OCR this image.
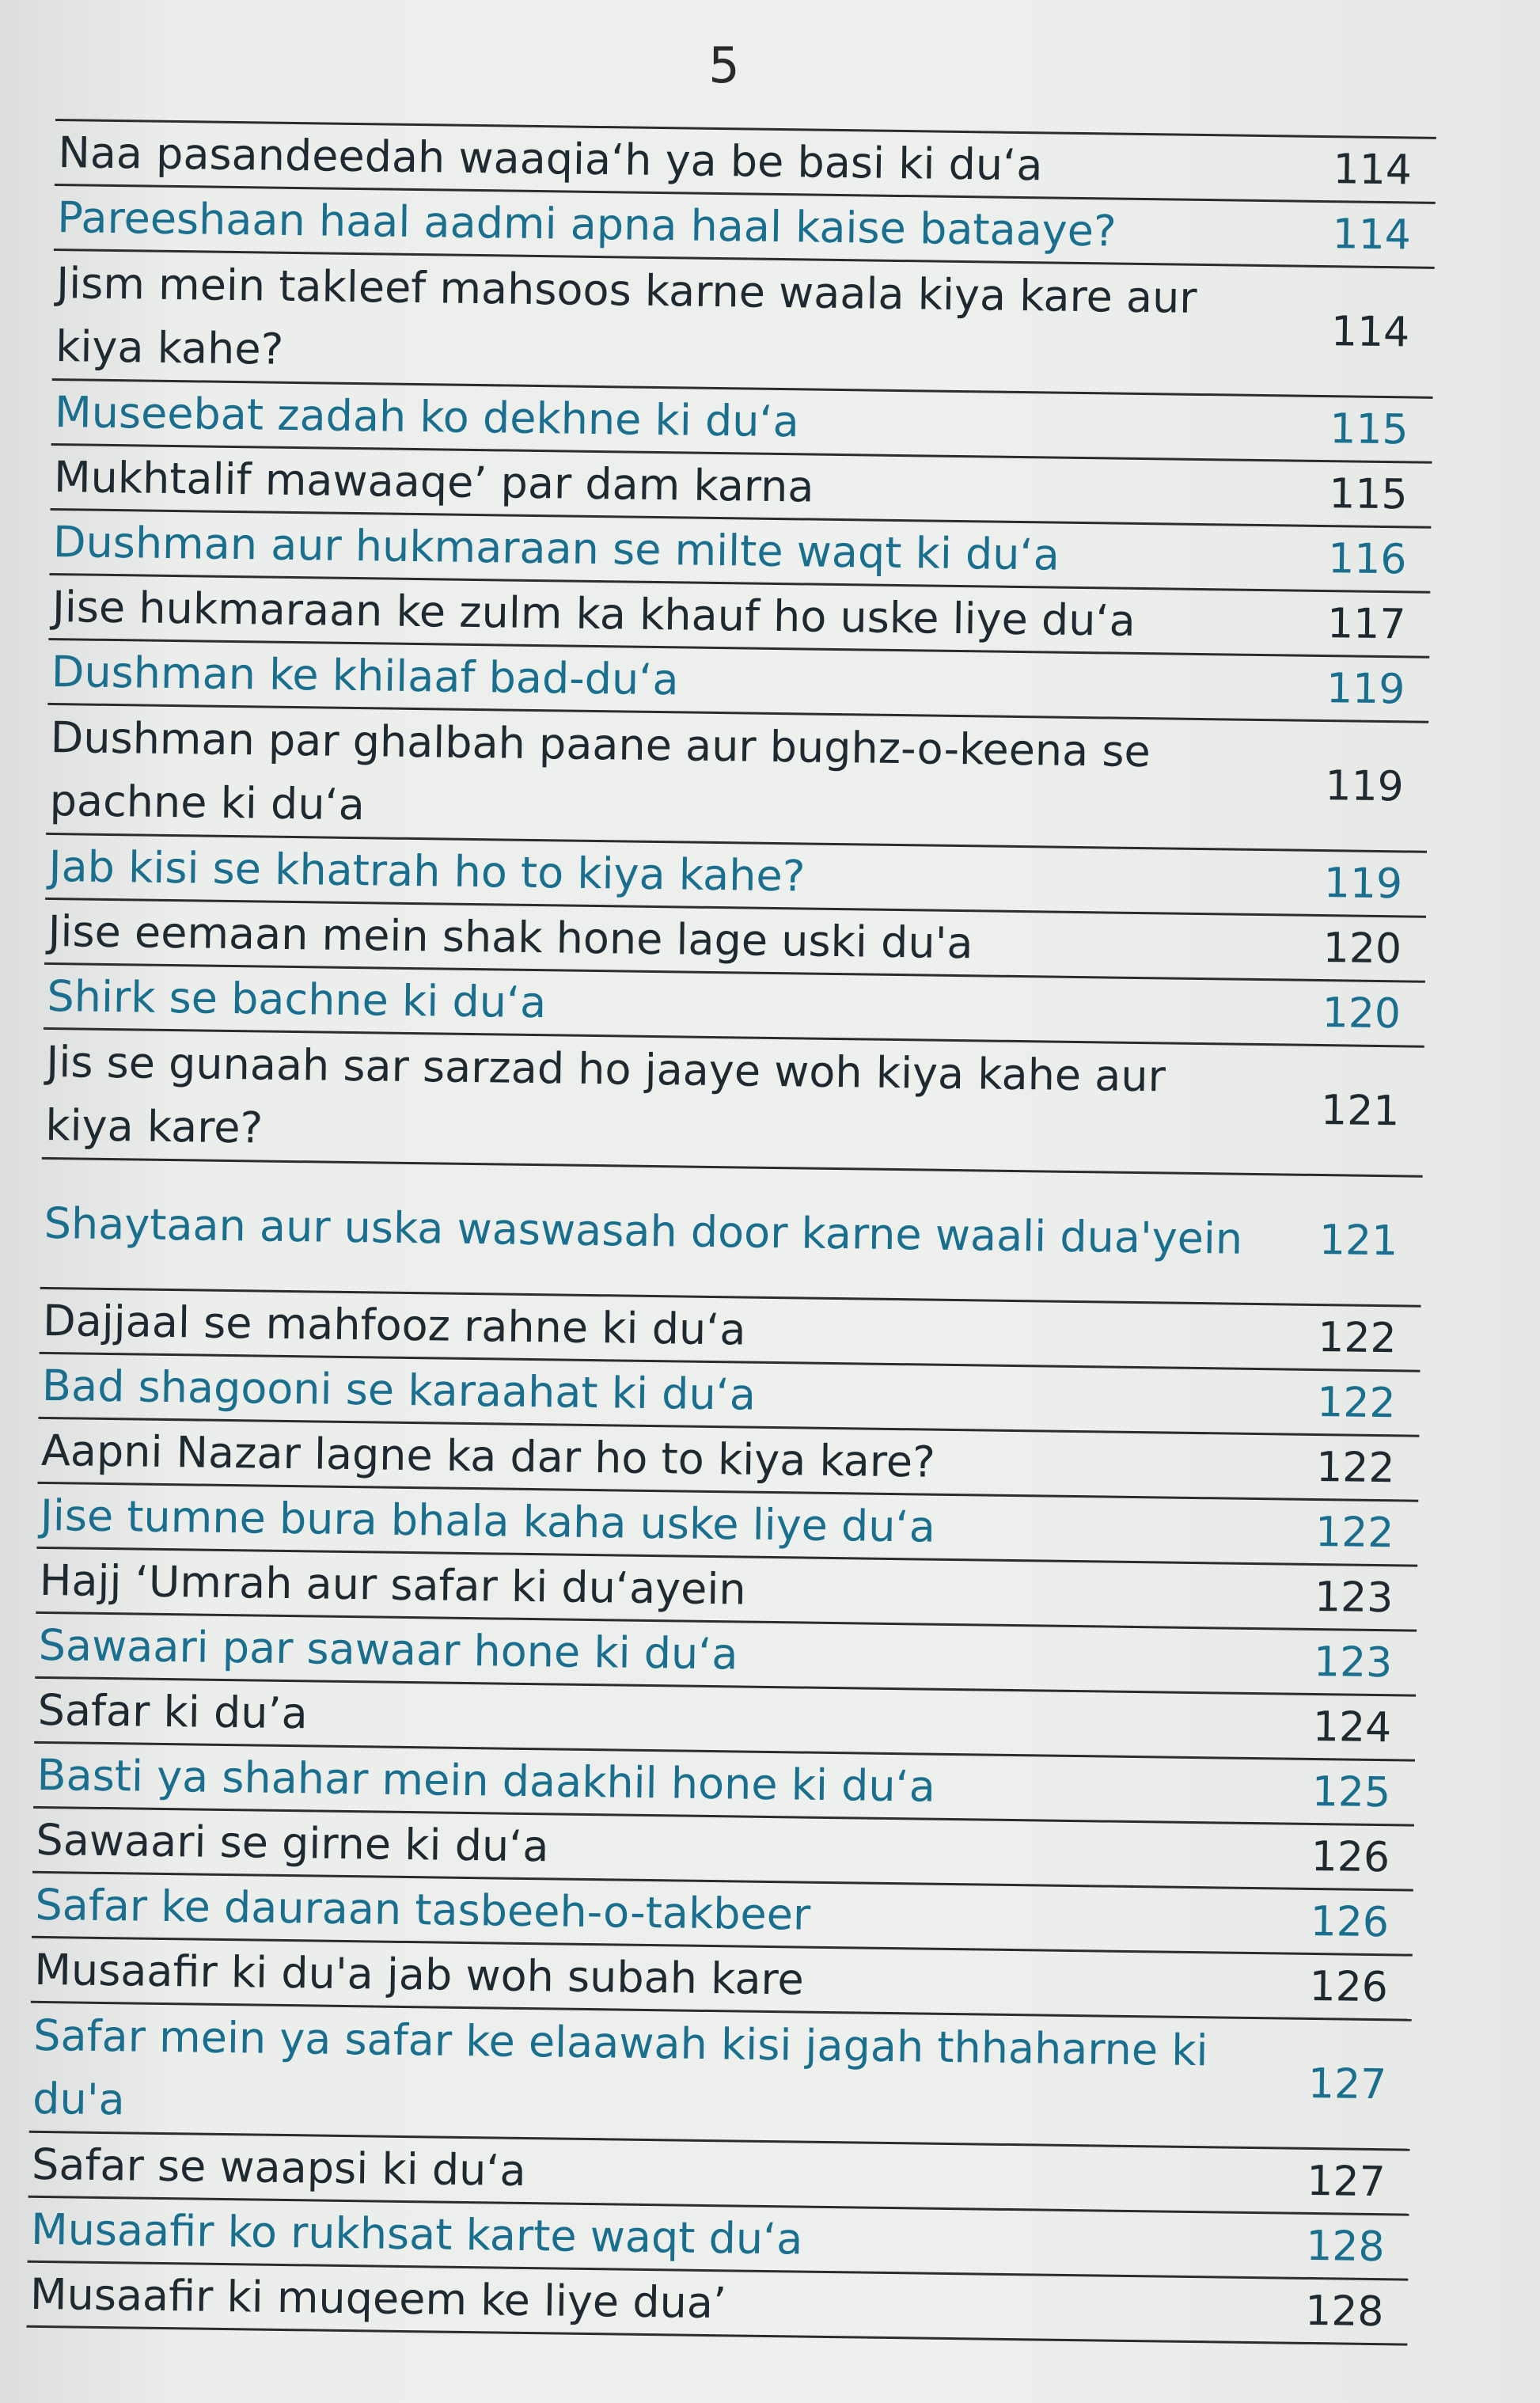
5
Naa pasandeedah waaqia‘h ya be basi ki du‘a	114
Pareeshaan haal aadmi apna haal kaise bataaye?	114
Jism mein takleef mahsoos karne waala kiya kare aur kiya kahe?	114
Museebat zadah ko dekhne ki du‘a	115
Mukhtalif mawaaqe’ par dam karna	115
Dushman aur hukmaraan se milte waqt ki du‘a	116
Jise hukmaraan ke zulm ka khauf ho uske liye du‘a	117
Dushman ke khilaaf bad-du‘a	119
Dushman par ghalbah paane aur bughz-o-keena se pachne ki du‘a	119
Jab kisi se khatrah ho to kiya kahe?	119
Jise eemaan mein shak hone lage uski du'a	120
Shirk se bachne ki du‘a	120
Jis se gunaah sar sarzad ho jaaye woh kiya kahe aur kiya kare?	121
Shaytaan aur uska waswasah door karne waali dua'yein	121
Dajjaal se mahfooz rahne ki du‘a	122
Bad shagooni se karaahat ki du‘a	122
Aapni Nazar lagne ka dar ho to kiya kare?	122
Jise tumne bura bhala kaha uske liye du‘a	122
Hajj ‘Umrah aur safar ki du‘ayein	123
Sawaari par sawaar hone ki du‘a	123
Safar ki du’a	124
Basti ya shahar mein daakhil hone ki du‘a	125
Sawaari se girne ki du‘a	126
Safar ke dauraan tasbeeh-o-takbeer	126
Musaafir ki du'a jab woh subah kare	126
Safar mein ya safar ke elaawah kisi jagah thhaharne ki du'a	127
Safar se waapsi ki du‘a	127
Musaafir ko rukhsat karte waqt du‘a	128
Musaafir ki muqeem ke liye dua’	128
